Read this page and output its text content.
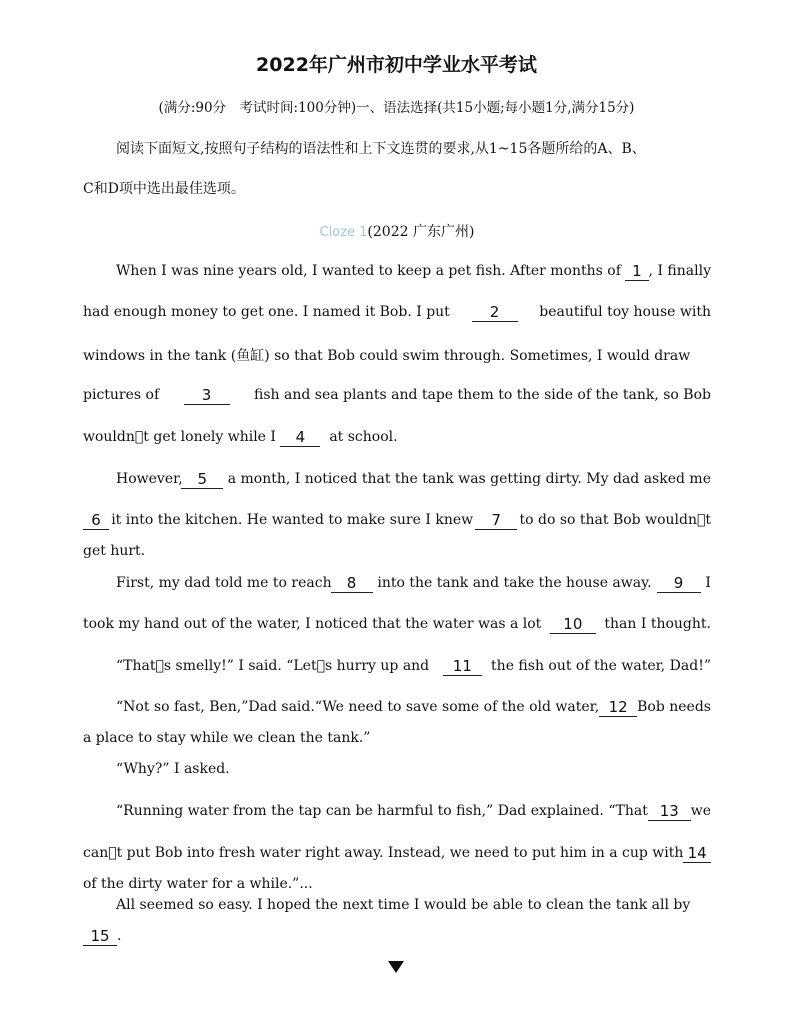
2022年广州市初中学业水平考试
(满分:90分　考试时间:100分钟)一、语法选择(共15小题;每小题1分,满分15分)
阅读下面短文,按照句子结构的语法性和上下文连贯的要求,从1~15各题所给的A、B、
C和D项中选出最佳选项。
Cloze 1(2022 广东广州)
When I was nine years old, I wanted to keep a pet fish. After months of
1 , I finally
had enough money to get one. I named it Bob. I put	2	beautiful toy house with
windows in the tank (鱼缸) so that Bob could swim through. Sometimes, I would draw
pictures of	3	fish and sea plants and tape them to the side of the tank, so Bob
wouldn t get lonely while I
	4
	at school.
However, 5	a month, I noticed that the tank was getting dirty. My dad asked me
6 it into the kitchen. He wanted to make sure I knew	7	to do so that Bob wouldn t
get hurt.
First, my dad told me to reach	8	into the tank and take the house away.	9	I
took my hand out of the water, I noticed that the water was a lot
	10
	than I thought.
“That s smelly!” I said. “Let s hurry up and
	11
	the fish out of the water, Dad!”
“Not so fast, Ben,”Dad said.“We need to save some of the old water, 12 Bob needs
a place to stay while we clean the tank.”
“Why?” I asked.
“Running water from the tap can be harmful to fish,” Dad explained. “That 13 we
can t put Bob into fresh water right away. Instead, we need to put him in a cup with 14
of the dirty water for a while.”...
All seemed so easy. I hoped the next time I would be able to clean the tank all by
15 .
